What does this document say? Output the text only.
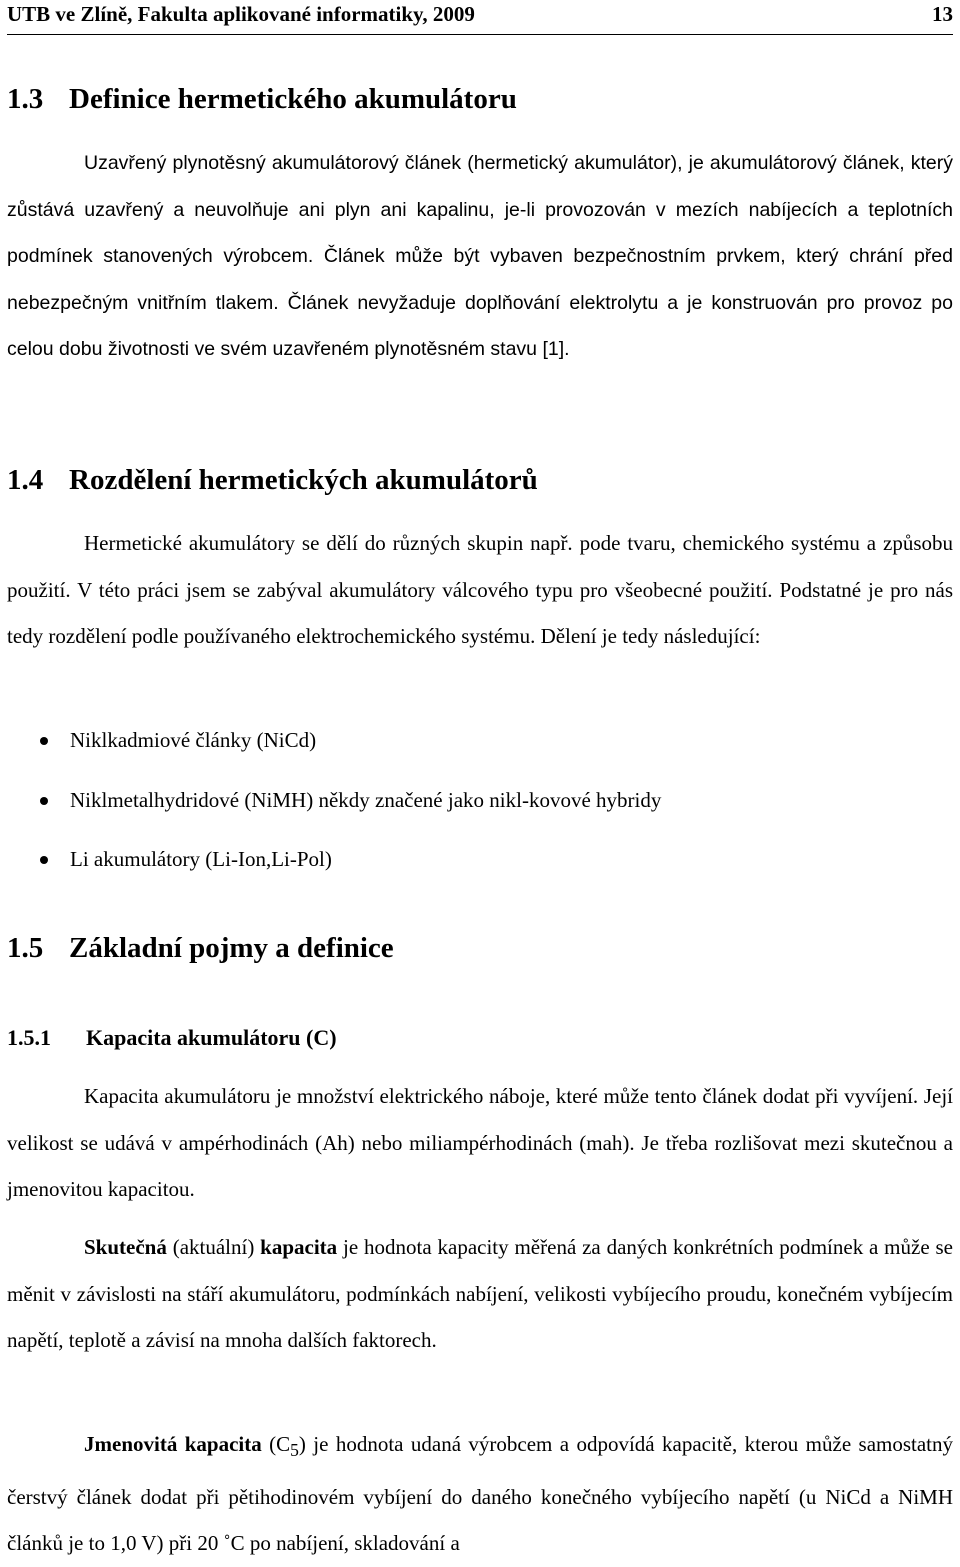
UTB ve Zlíně, Fakulta aplikované informatiky, 2009	13
1.3 Definice hermetického akumulátoru

Uzavřený plynotěsný akumulátorový článek (hermetický akumulátor), je akumulátorový článek, který zůstává uzavřený a neuvolňuje ani plyn ani kapalinu, je-li provozován v mezích nabíjecích a teplotních podmínek stanovených výrobcem. Článek může být vybaven bezpečnostním prvkem, který chrání před nebezpečným vnitřním tlakem. Článek nevyžaduje doplňování elektrolytu a je konstruován pro provoz po celou dobu životnosti ve svém uzavřeném plynotěsném stavu [1].

1.4 Rozdělení hermetických akumulátorů

Hermetické akumulátory se dělí do různých skupin např. pode tvaru, chemického systému a způsobu použití. V této práci jsem se zabýval akumulátory válcového typu pro všeobecné použití. Podstatné je pro nás tedy rozdělení podle používaného elektrochemického systému. Dělení je tedy následující:

Niklkadmiové články (NiCd)
Niklmetalhydridové (NiMH) někdy značené jako nikl-kovové hybridy
Li akumulátory (Li-Ion,Li-Pol)
1.5 Základní pojmy a definice
1.5.1 Kapacita akumulátoru (C)

Kapacita akumulátoru je množství elektrického náboje, které může tento článek dodat při vyvíjení. Její velikost se udává v ampérhodinách (Ah) nebo miliampérhodinách (mah). Je třeba rozlišovat mezi skutečnou a jmenovitou kapacitou.

Skutečná (aktuální) kapacita je hodnota kapacity měřená za daných konkrétních podmínek a může se měnit v závislosti na stáří akumulátoru, podmínkách nabíjení, velikosti vybíjecího proudu, konečném vybíjecím napětí, teplotě a závisí na mnoha dalších faktorech.

Jmenovitá kapacita $(C_5)$ je hodnota udaná výrobcem a odpovídá kapacitě, kterou může samostatný čerstvý článek dodat při pětihodinovém vybíjení do daného konečného vybíjecího napětí (u NiCd a NiMH článků je to 1,0 V) při 20 ˚C po nabíjení, skladování a
